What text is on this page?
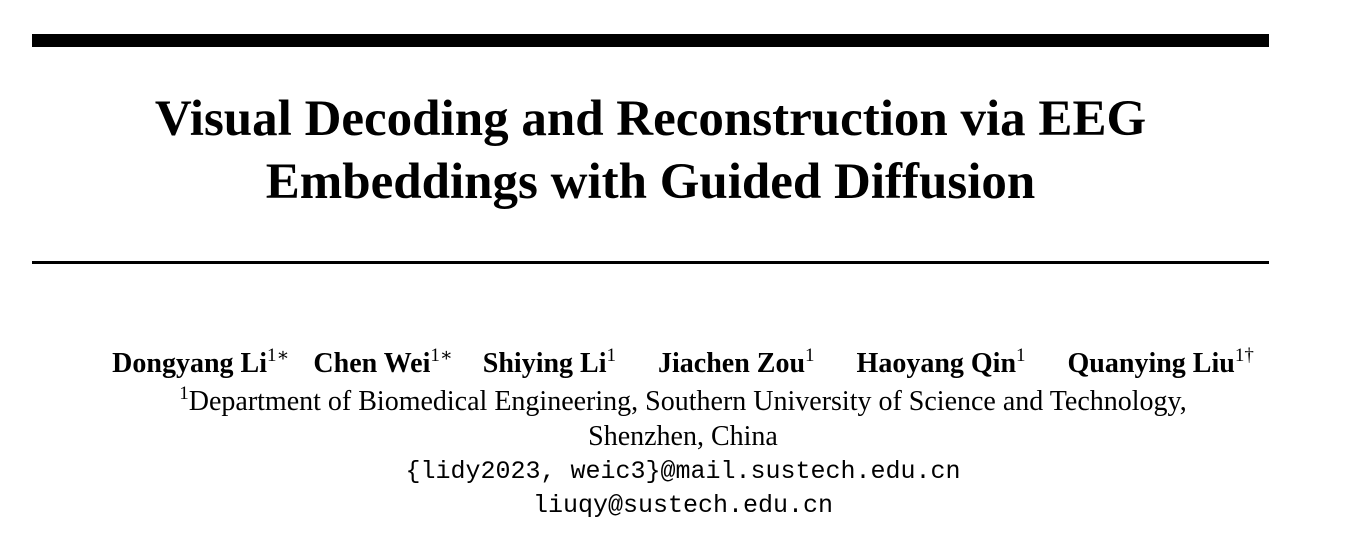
Visual Decoding and Reconstruction via EEG
Embeddings with Guided Diffusion
Dongyang $Li^{1∗}$ Chen Wei$^{1∗}$ Shiying Li$^1$ Jiachen Zou$^1$ Haoyang Qin$^1$ Quanying Liu$^{1\dagger}$
$^1$Department of Biomedical Engineering, Southern University of Science and Technology,
Shenzhen, China
{lidy2023, weic3}@mail.sustech.edu.cn
liuqy@sustech.edu.cn
